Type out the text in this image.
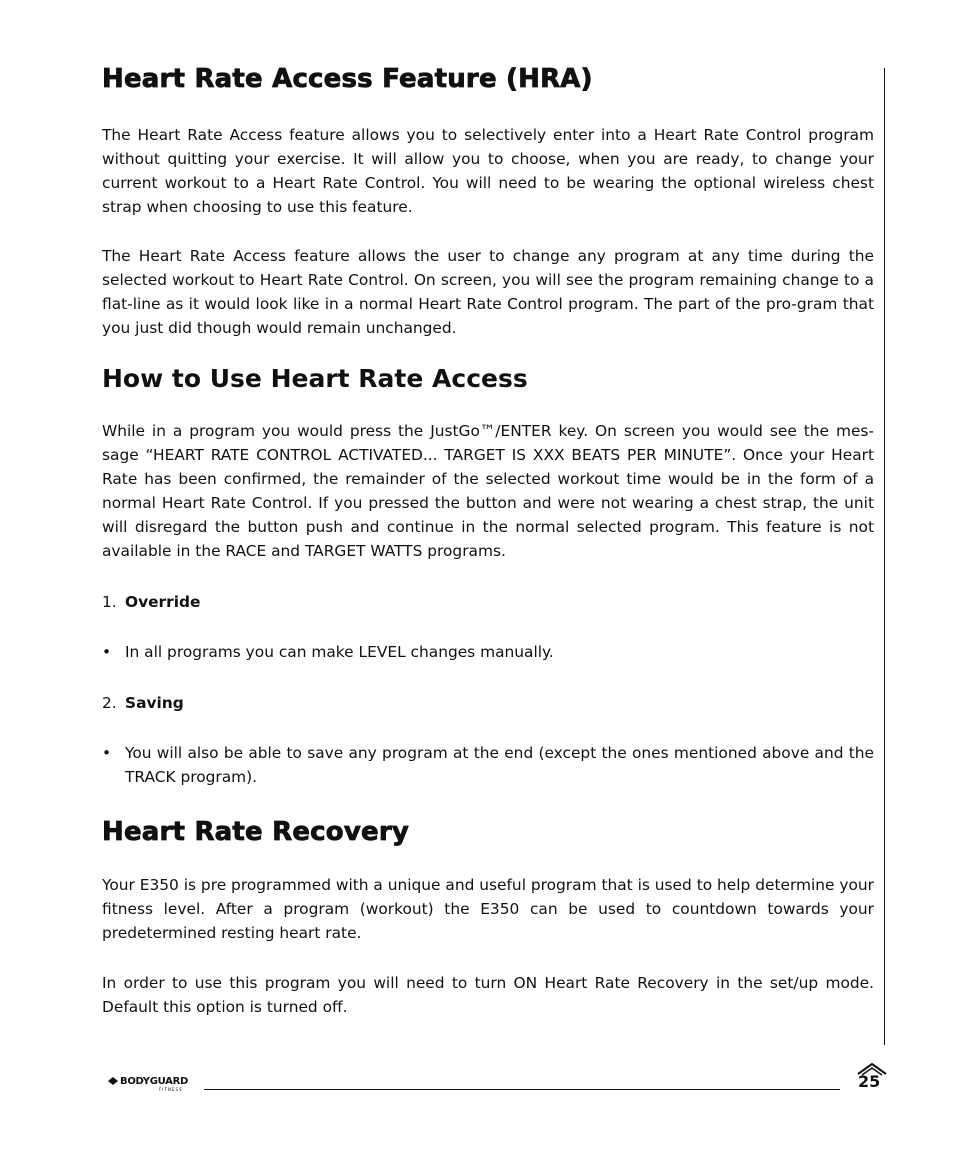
Heart Rate Access Feature (HRA)

The Heart Rate Access feature allows you to selectively enter into a Heart Rate Control program without quitting your exercise. It will allow you to choose, when you are ready, to change your current workout to a Heart Rate Control. You will need to be wearing the optional wireless chest strap when choosing to use this feature.

The Heart Rate Access feature allows the user to change any program at any time during the selected workout to Heart Rate Control. On screen, you will see the program remaining change to a flat-line as it would look like in a normal Heart Rate Control program. The part of the pro-gram that you just did though would remain unchanged.

How to Use Heart Rate Access

While in a program you would press the JustGo™/ENTER key. On screen you would see the mes-sage “HEART RATE CONTROL ACTIVATED... TARGET IS XXX BEATS PER MINUTE”. Once your Heart Rate has been confirmed, the remainder of the selected workout time would be in the form of a normal Heart Rate Control. If you pressed the button and were not wearing a chest strap, the unit will disregard the button push and continue in the normal selected program. This feature is not available in the RACE and TARGET WATTS programs.

1. Override
• In all programs you can make LEVEL changes manually.
2. Saving
• You will also be able to save any program at the end (except the ones mentioned above and the TRACK program).
Heart Rate Recovery

Your E350 is pre programmed with a unique and useful program that is used to help determine your fitness level. After a program (workout) the E350 can be used to countdown towards your predetermined resting heart rate.

In order to use this program you will need to turn ON Heart Rate Recovery in the set/up mode. Default this option is turned off.

BODYGUARD
FITNESS	25
